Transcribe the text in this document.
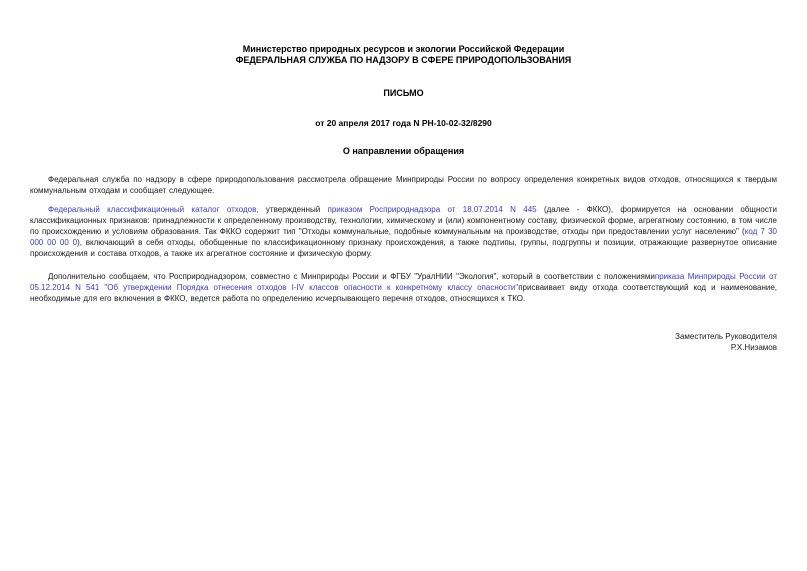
Министерство природных ресурсов и экологии Российской Федерации
ФЕДЕРАЛЬНАЯ СЛУЖБА ПО НАДЗОРУ В СФЕРЕ ПРИРОДОПОЛЬЗОВАНИЯ
ПИСЬМО
от 20 апреля 2017 года N РН-10-02-32/8290
О направлении обращения

Федеральная служба по надзору в сфере природопользования рассмотрела обращение Минприроды России по вопросу определения конкретных видов отходов, относящихся к твердым коммунальным отходам и сообщает следующее.

Федеральный классификационный каталог отходов, утвержденный приказом Росприроднадзора от 18.07.2014 N 445 (далее - ФККО), формируется на основании общности классификационных признаков: принадлежности к определенному производству, технологии, химическому и (или) компонентному составу, физической форме, агрегатному состоянию, в том числе по происхождению и условиям образования. Так ФККО содержит тип "Отходы коммунальные, подобные коммунальным на производстве, отходы при предоставлении услуг населению" (код 7 30 000 00 00 0), включающий в себя отходы, обобщенные по классификационному признаку происхождения, а также подтипы, группы, подгруппы и позиции, отражающие развернутое описание происхождения и состава отходов, а также их агрегатное состояние и физическую форму.

Дополнительно сообщаем, что Росприроднадзором, совместно с Минприроды России и ФГБУ "УралНИИ "Экология", который в соответствии с положениямиприказа Минприроды России от 05.12.2014 N 541 "Об утверждении Порядка отнесения отходов I-IV классов опасности к конкретному классу опасности"присваивает виду отхода соответствующий код и наименование, необходимые для его включения в ФККО, ведется работа по определению исчерпывающего перечня отходов, относящихся к ТКО.

Заместитель Руководителя
Р.Х.Низамов
